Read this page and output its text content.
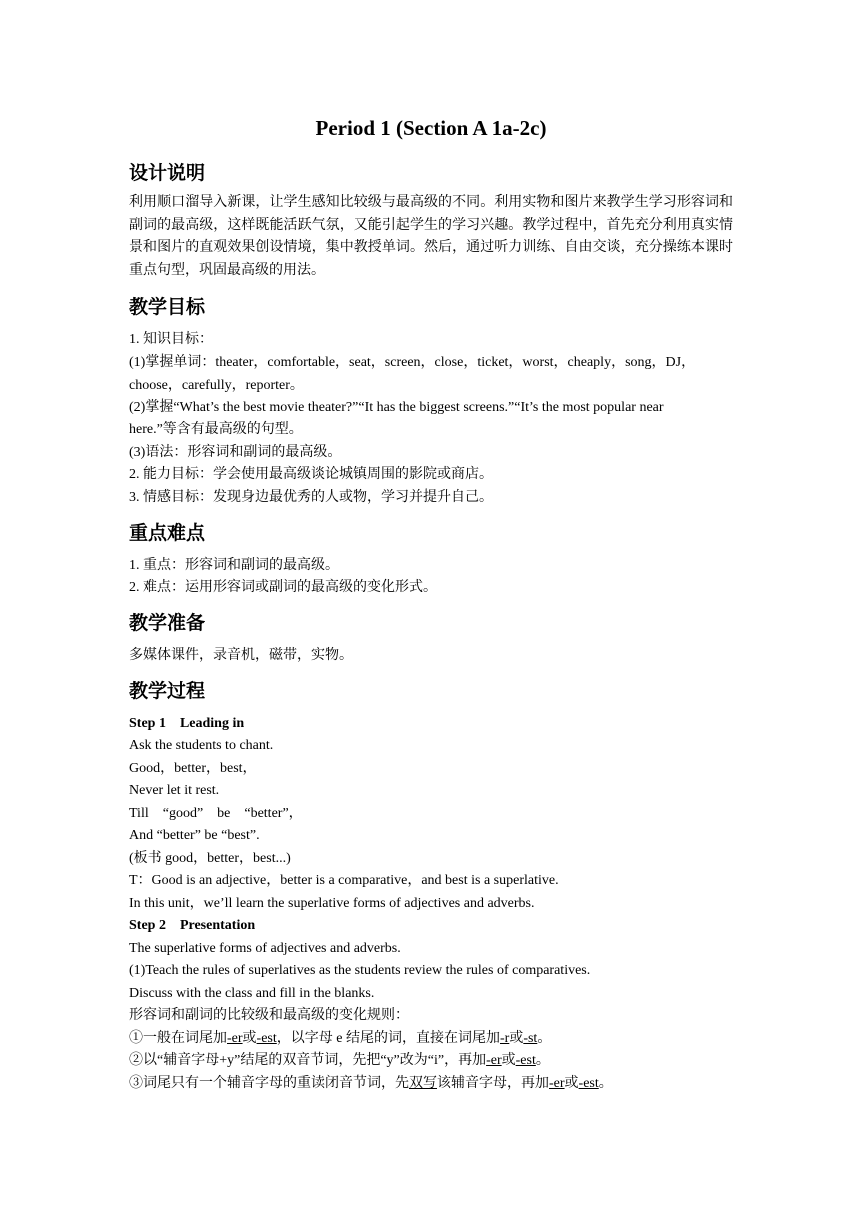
Period 1 (Section A 1a-2c)
设计说明
利用顺口溜导入新课，让学生感知比较级与最高级的不同。利用实物和图片来教学生学习形容词和副词的最高级，这样既能活跃气氛，又能引起学生的学习兴趣。教学过程中，首先充分利用真实情景和图片的直观效果创设情境，集中教授单词。然后，通过听力训练、自由交谈，充分操练本课时重点句型，巩固最高级的用法。
教学目标
1. 知识目标：
(1)掌握单词：theater，comfortable，seat，screen，close，ticket，worst，cheaply，song，DJ，
choose，carefully，reporter。
(2)掌握“What’s the best movie theater?”“It has the biggest screens.”“It’s the most popular near
here.”等含有最高级的句型。
(3)语法：形容词和副词的最高级。
2. 能力目标：学会使用最高级谈论城镇周围的影院或商店。
3. 情感目标：发现身边最优秀的人或物，学习并提升自己。
重点难点
1. 重点：形容词和副词的最高级。
2. 难点：运用形容词或副词的最高级的变化形式。
教学准备
多媒体课件，录音机，磁带，实物。
教学过程
Step 1　Leading in
Ask the students to chant.
Good，better，best，
Never let it rest.
Till　“good”　be　“better”，
And “better” be “best”.
(板书 good，better，best...)
T：Good is an adjective，better is a comparative，and best is a superlative.
In this unit，we’ll learn the superlative forms of adjectives and adverbs.
Step 2　Presentation
The superlative forms of adjectives and adverbs.
(1)Teach the rules of superlatives as the students review the rules of comparatives.
Discuss with the class and fill in the blanks.
形容词和副词的比较级和最高级的变化规则：
①一般在词尾加-er或-est，以字母 e 结尾的词，直接在词尾加-r或-st。
②以“辅音字母+y”结尾的双音节词，先把“y”改为“i”，再加-er或-est。
③词尾只有一个辅音字母的重读闭音节词，先双写该辅音字母，再加-er或-est。
